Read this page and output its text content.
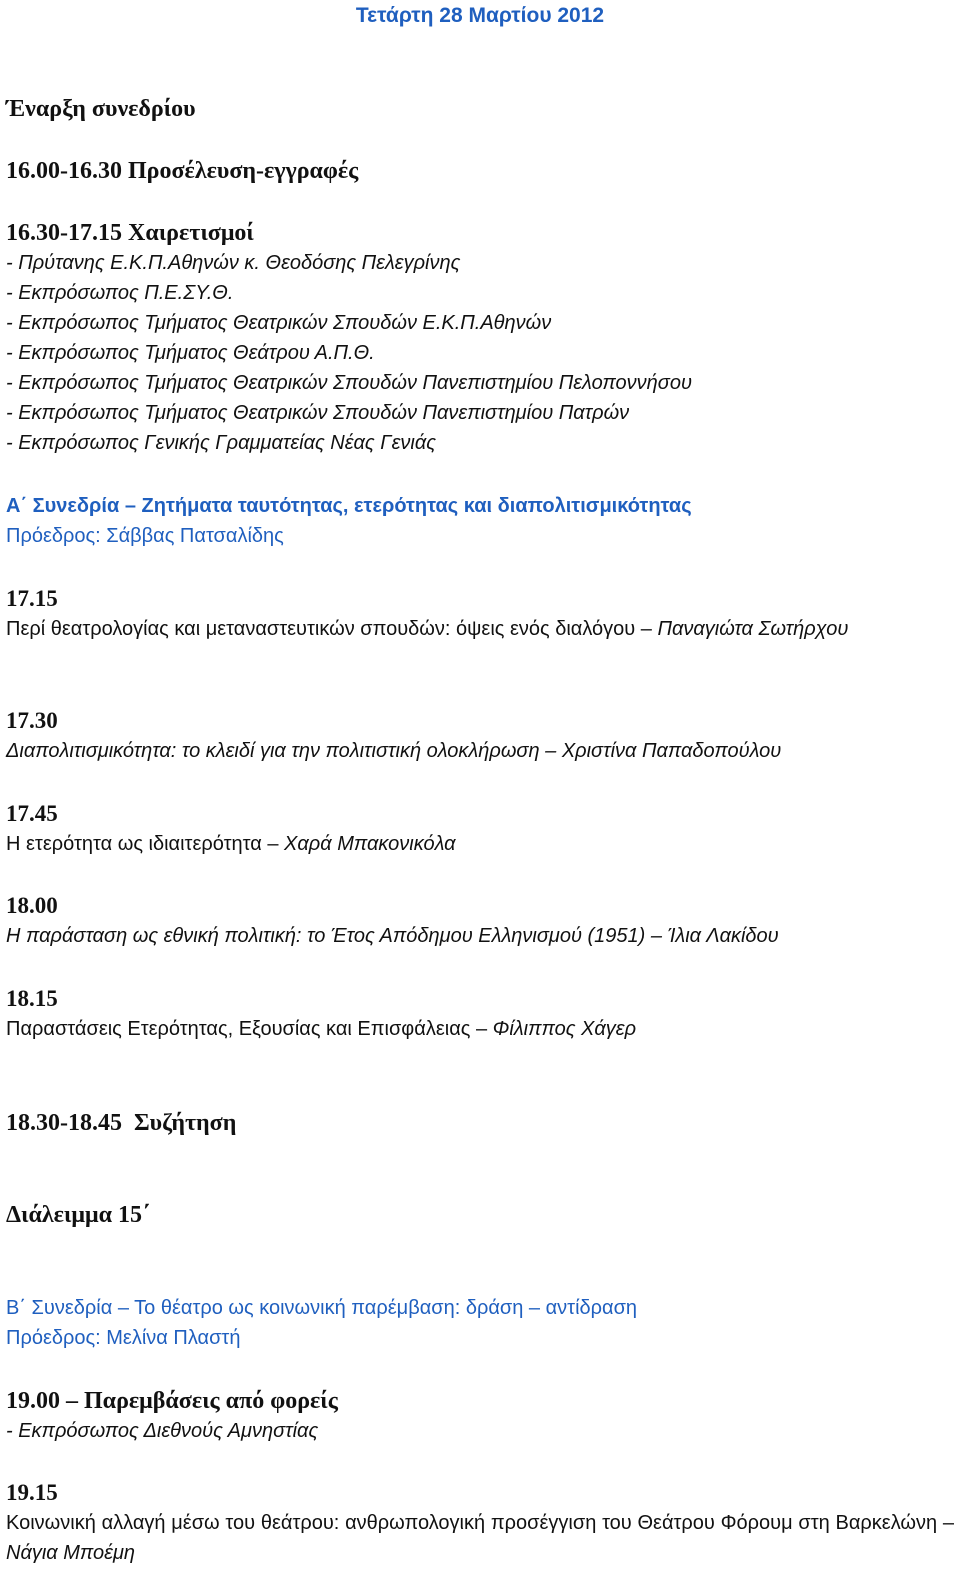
Τετάρτη 28 Μαρτίου 2012
Έναρξη συνεδρίου
16.00-16.30 Προσέλευση-εγγραφές
16.30-17.15 Χαιρετισμοί
- Πρύτανης Ε.Κ.Π.Αθηνών κ. Θεοδόσης Πελεγρίνης
- Εκπρόσωπος Π.Ε.ΣΥ.Θ.
- Εκπρόσωπος Τμήματος Θεατρικών Σπουδών Ε.Κ.Π.Αθηνών
- Εκπρόσωπος Τμήματος Θεάτρου Α.Π.Θ.
- Εκπρόσωπος Τμήματος Θεατρικών Σπουδών Πανεπιστημίου Πελοποννήσου
- Εκπρόσωπος Τμήματος Θεατρικών Σπουδών Πανεπιστημίου Πατρών
- Εκπρόσωπος Γενικής Γραμματείας Νέας Γενιάς
Α΄ Συνεδρία – Ζητήματα ταυτότητας, ετερότητας και διαπολιτισμικότητας
Πρόεδρος: Σάββας Πατσαλίδης
17.15
Περί θεατρολογίας και μεταναστευτικών σπουδών: όψεις ενός διαλόγου – Παναγιώτα Σωτήρχου
17.30
Διαπολιτισμικότητα: το κλειδί για την πολιτιστική ολοκλήρωση – Χριστίνα Παπαδοπούλου
17.45
Η ετερότητα ως ιδιαιτερότητα – Χαρά Μπακονικόλα
18.00
Η παράσταση ως εθνική πολιτική: το Έτος Απόδημου Ελληνισμού (1951) – Ίλια Λακίδου
18.15
Παραστάσεις Ετερότητας, Εξουσίας και Επισφάλειας – Φίλιππος Χάγερ
18.30-18.45  Συζήτηση
Διάλειμμα 15΄
Β΄ Συνεδρία – Το θέατρο ως κοινωνική παρέμβαση: δράση – αντίδραση
Πρόεδρος: Μελίνα Πλαστή
19.00 – Παρεμβάσεις από φορείς
- Εκπρόσωπος Διεθνούς Αμνηστίας
19.15
Κοινωνική αλλαγή μέσω του θεάτρου: ανθρωπολογική προσέγγιση του Θεάτρου Φόρουμ στη Βαρκελώνη – Νάγια Μποέμη
